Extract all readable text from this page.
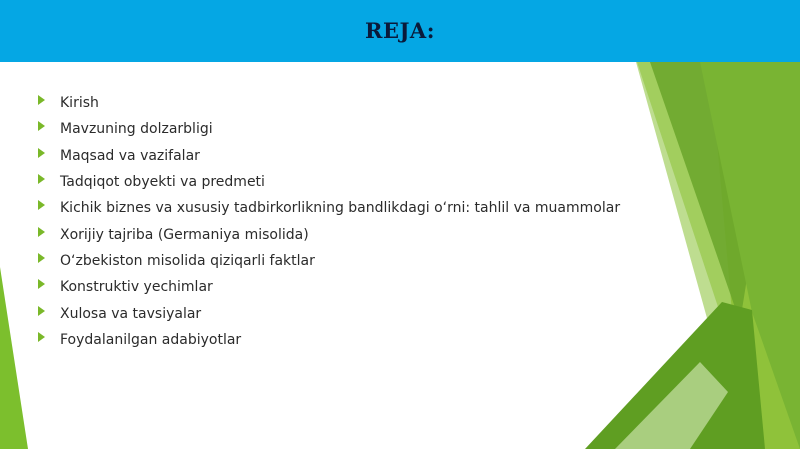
REJA:
Kirish
Mavzuning dolzarbligi
Maqsad va vazifalar
Tadqiqot obyekti va predmeti
Kichik biznes va xususiy tadbirkorlikning bandlikdagi o‘rni: tahlil va muammolar
Xorijiy tajriba (Germaniya misolida)
O‘zbekiston misolida qiziqarli faktlar
Konstruktiv yechimlar
Xulosa va tavsiyalar
Foydalanilgan adabiyotlar
